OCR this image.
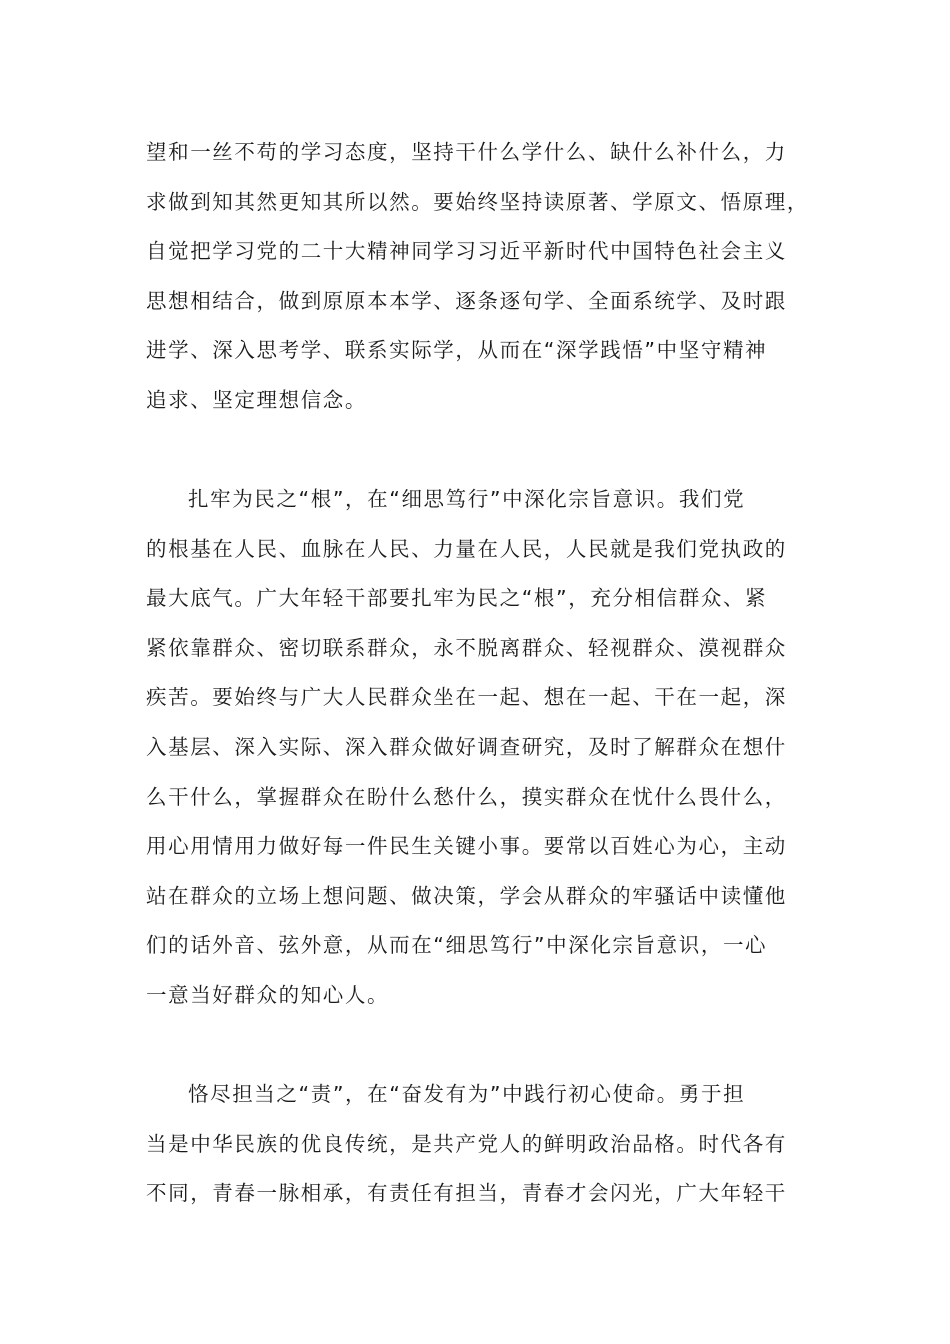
望和一丝不苟的学习态度，坚持干什么学什么、缺什么补什么，力
求做到知其然更知其所以然。要始终坚持读原著、学原文、悟原理，
自觉把学习党的二十大精神同学习习近平新时代中国特色社会主义
思想相结合，做到原原本本学、逐条逐句学、全面系统学、及时跟
进学、深入思考学、联系实际学，从而在“深学践悟”中坚守精神
追求、坚定理想信念。
扎牢为民之“根”，在“细思笃行”中深化宗旨意识。我们党
的根基在人民、血脉在人民、力量在人民，人民就是我们党执政的
最大底气。广大年轻干部要扎牢为民之“根”，充分相信群众、紧
紧依靠群众、密切联系群众，永不脱离群众、轻视群众、漠视群众
疾苦。要始终与广大人民群众坐在一起、想在一起、干在一起，深
入基层、深入实际、深入群众做好调查研究，及时了解群众在想什
么干什么，掌握群众在盼什么愁什么，摸实群众在忧什么畏什么，
用心用情用力做好每一件民生关键小事。要常以百姓心为心，主动
站在群众的立场上想问题、做决策，学会从群众的牢骚话中读懂他
们的话外音、弦外意，从而在“细思笃行”中深化宗旨意识，一心
一意当好群众的知心人。
恪尽担当之“责”，在“奋发有为”中践行初心使命。勇于担
当是中华民族的优良传统，是共产党人的鲜明政治品格。时代各有
不同，青春一脉相承，有责任有担当，青春才会闪光，广大年轻干
